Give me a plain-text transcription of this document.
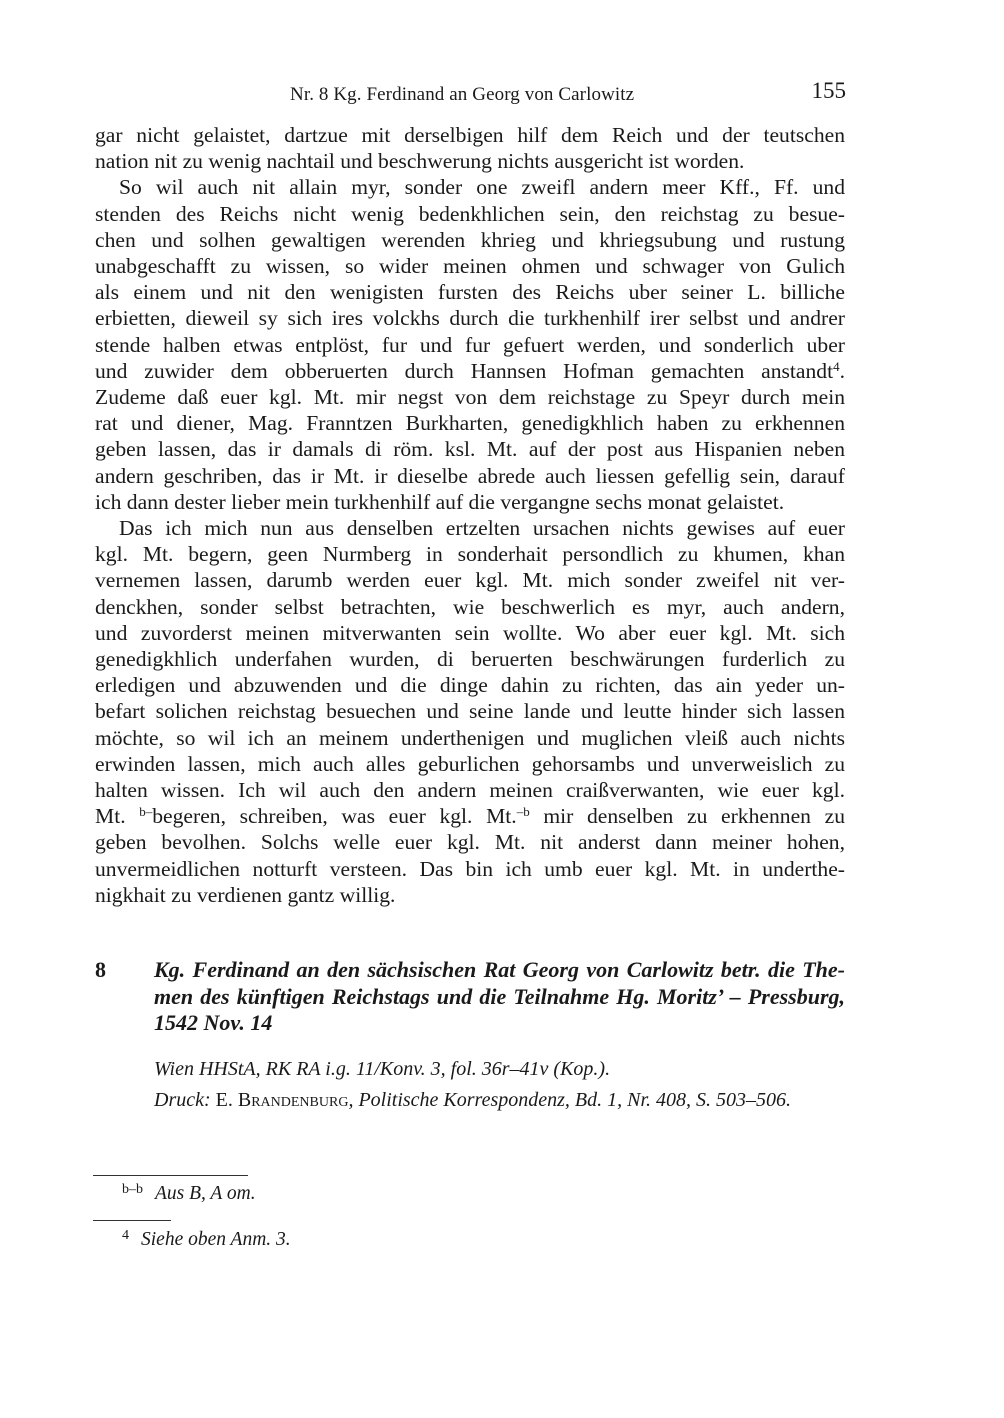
Nr. 8 Kg. Ferdinand an Georg von Carlowitz	155
gar nicht gelaistet, dartzue mit derselbigen hilf dem Reich und der teutschen
nation nit zu wenig nachtail und beschwerung nichts ausgericht ist worden.
So wil auch nit allain myr, sonder one zweifl andern meer Kff., Ff. und
stenden des Reichs nicht wenig bedenkhlichen sein, den reichstag zu besue-
chen und solhen gewaltigen werenden khrieg und khriegsubung und rustung
unabgeschafft zu wissen, so wider meinen ohmen und schwager von Gulich
als einem und nit den wenigisten fursten des Reichs uber seiner L. billiche
erbietten, dieweil sy sich ires volckhs durch die turkhenhilf irer selbst und andrer
stende halben etwas entplöst, fur und fur gefuert werden, und sonderlich uber
und zuwider dem obberuerten durch Hannsen Hofman gemachten anstandt$^4$.
Zudeme daß euer kgl. Mt. mir negst von dem reichstage zu Speyr durch mein
rat und diener, Mag. Franntzen Burkharten, genedigkhlich haben zu erkhennen
geben lassen, das ir damals di röm. ksl. Mt. auf der post aus Hispanien neben
andern geschriben, das ir Mt. ir dieselbe abrede auch liessen gefellig sein, darauf
ich dann dester lieber mein turkhenhilf auf die vergangne sechs monat gelaistet.
Das ich mich nun aus denselben ertzelten ursachen nichts gewises auf euer
kgl. Mt. begern, geen Nurmberg in sonderhait persondlich zu khumen, khan
vernemen lassen, darumb werden euer kgl. Mt. mich sonder zweifel nit ver-
denckhen, sonder selbst betrachten, wie beschwerlich es myr, auch andern,
und zuvorderst meinen mitverwanten sein wollte. Wo aber euer kgl. Mt. sich
genedigkhlich underfahen wurden, di beruerten beschwärungen furderlich zu
erledigen und abzuwenden und die dinge dahin zu richten, das ain yeder un-
befart solichen reichstag besuechen und seine lande und leutte hinder sich lassen
möchte, so wil ich an meinem underthenigen und muglichen vleiß auch nichts
erwinden lassen, mich auch alles geburlichen gehorsambs und unverweislich zu
halten wissen. Ich wil auch den andern meinen craißverwanten, wie euer kgl.
Mt. $^{b-}$begeren, schreiben, was euer kgl. Mt.$^{-b}$ mir denselben zu erkhennen zu
geben bevolhen. Solchs welle euer kgl. Mt. nit anderst dann meiner hohen,
unvermeidlichen notturft versteen. Das bin ich umb euer kgl. Mt. in underthe-
nigkhait zu verdienen gantz willig.
8 Kg. Ferdinand an den sächsischen Rat Georg von Carlowitz betr. die The-
men des künftigen Reichstags und die Teilnahme Hg. Moritz’ – Pressburg,
1542 Nov. 14
Wien HHStA, RK RA i.g. 11/Konv. 3, fol. 36r–41v (Kop.).
Druck: E. Brandenburg, Politische Korrespondenz, Bd. 1, Nr. 408, S. 503–506.
b–b Aus B, A om.
4 Siehe oben Anm. 3.
